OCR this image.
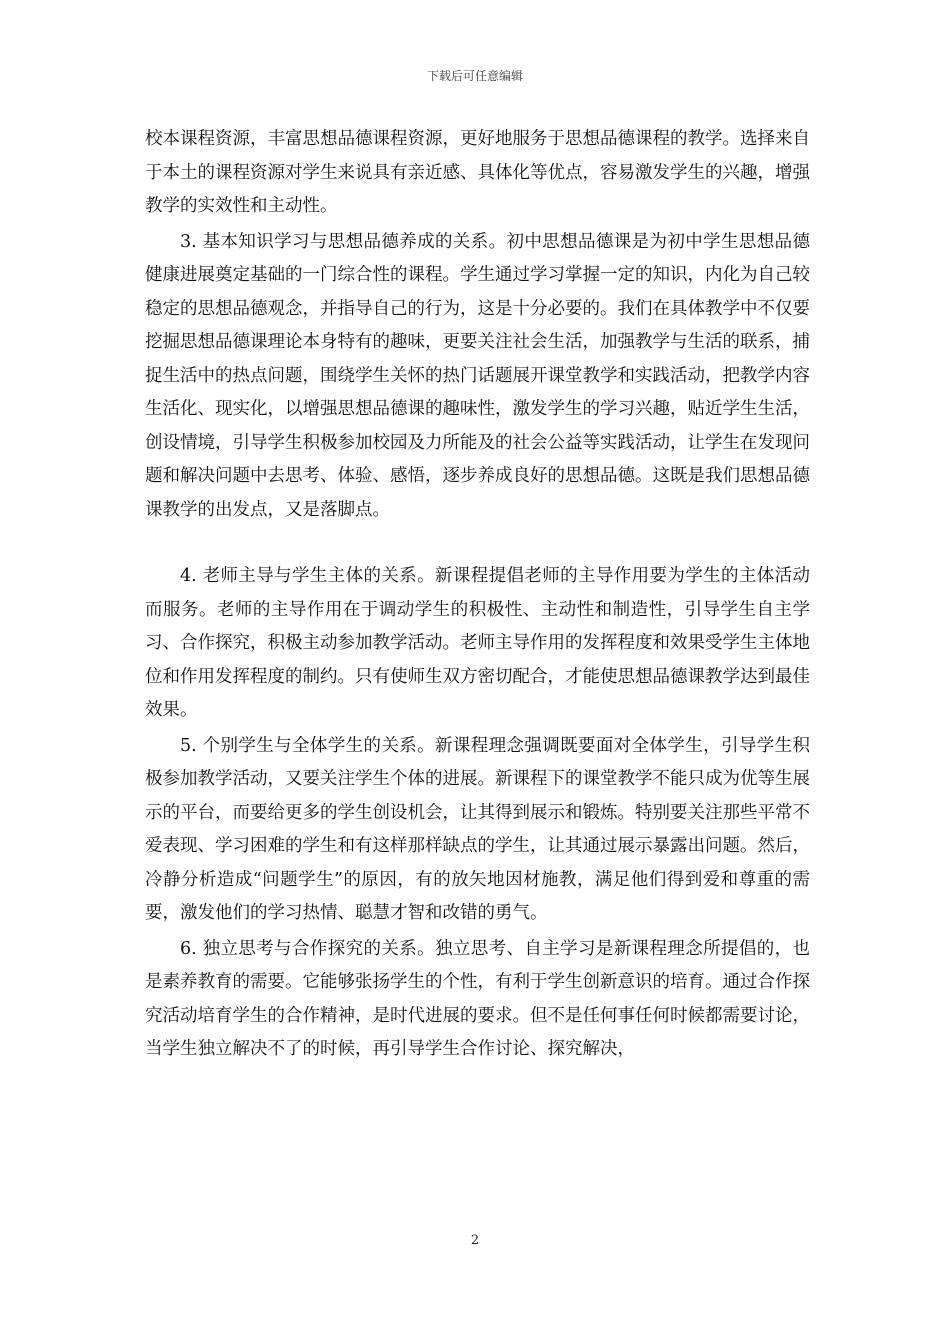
下载后可任意编辑

校本课程资源，丰富思想品德课程资源，更好地服务于思想品德课程的教学。选择来自于本土的课程资源对学生来说具有亲近感、具体化等优点，容易激发学生的兴趣，增强教学的实效性和主动性。

3. 基本知识学习与思想品德养成的关系。初中思想品德课是为初中学生思想品德健康进展奠定基础的一门综合性的课程。学生通过学习掌握一定的知识，内化为自己较稳定的思想品德观念，并指导自己的行为，这是十分必要的。我们在具体教学中不仅要挖掘思想品德课理论本身特有的趣味，更要关注社会生活，加强教学与生活的联系，捕捉生活中的热点问题，围绕学生关怀的热门话题展开课堂教学和实践活动，把教学内容生活化、现实化，以增强思想品德课的趣味性，激发学生的学习兴趣，贴近学生生活，创设情境，引导学生积极参加校园及力所能及的社会公益等实践活动，让学生在发现问题和解决问题中去思考、体验、感悟，逐步养成良好的思想品德。这既是我们思想品德课教学的出发点，又是落脚点。

4. 老师主导与学生主体的关系。新课程提倡老师的主导作用要为学生的主体活动而服务。老师的主导作用在于调动学生的积极性、主动性和制造性，引导学生自主学习、合作探究，积极主动参加教学活动。老师主导作用的发挥程度和效果受学生主体地位和作用发挥程度的制约。只有使师生双方密切配合，才能使思想品德课教学达到最佳效果。

5. 个别学生与全体学生的关系。新课程理念强调既要面对全体学生，引导学生积极参加教学活动，又要关注学生个体的进展。新课程下的课堂教学不能只成为优等生展示的平台，而要给更多的学生创设机会，让其得到展示和锻炼。特别要关注那些平常不爱表现、学习困难的学生和有这样那样缺点的学生，让其通过展示暴露出问题。然后，冷静分析造成“问题学生”的原因，有的放矢地因材施教，满足他们得到爱和尊重的需要，激发他们的学习热情、聪慧才智和改错的勇气。

6. 独立思考与合作探究的关系。独立思考、自主学习是新课程理念所提倡的，也是素养教育的需要。它能够张扬学生的个性，有利于学生创新意识的培育。通过合作探究活动培育学生的合作精神，是时代进展的要求。但不是任何事任何时候都需要讨论，当学生独立解决不了的时候，再引导学生合作讨论、探究解决，

2
